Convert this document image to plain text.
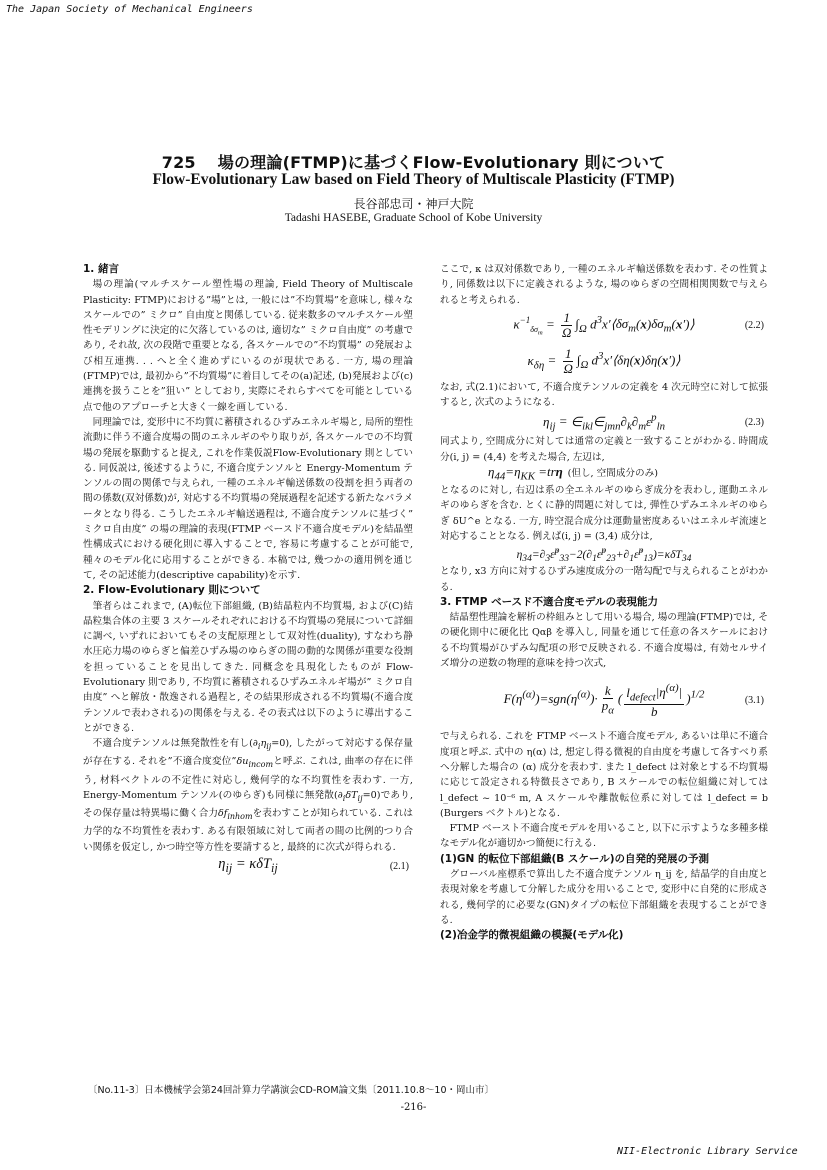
The Japan Society of Mechanical Engineers
725 場の理論(FTMP)に基づくFlow-Evolutionary 則について
Flow-Evolutionary Law based on Field Theory of Multiscale Plasticity (FTMP)
長谷部忠司・神戸大院
Tadashi HASEBE, Graduate School of Kobe University
1. 緒言

場の理論(マルチスケール塑性場の理論, Field Theory of Multiscale Plasticity: FTMP)における”場”とは, 一般には”不均質場”を意味し, 様々なスケールでの” ミクロ” 自由度と関係している. 従来数多のマルチスケール塑性モデリングに決定的に欠落しているのは, 適切な” ミクロ自由度” の考慮であり, それ故, 次の段階で重要となる, 各スケールでの”不均質場” の発展および相互連携. . . へと全く進めずにいるのが現状である. 一方, 場の理論(FTMP)では, 最初から”不均質場”に着目してその(a)記述, (b)発展および(c)連携を扱うことを”狙い” としており, 実際にそれらすべてを可能としている点で他のアプローチと大きく一線を画している.

同理論では, 変形中に不均質に蓄積されるひずみエネルギ場と, 局所的塑性流動に伴う不適合度場の間のエネルギのやり取りが, 各スケールでの不均質場の発展を駆動すると捉え, これを作業仮説Flow-Evolutionary 則としている. 同仮説は, 後述するように, 不適合度テンソルと Energy-Momentum テンソルの間の関係で与えられ, 一種のエネルギ輸送係数の役割を担う両者の間の係数(双対係数)が, 対応する不均質場の発展過程を記述する新たなパラメータとなり得る. こうしたエネルギ輸送過程は, 不適合度テンソルに基づく” ミクロ自由度” の場の理論的表現(FTMP ベースド不適合度モデル)を結晶塑性構成式における硬化則に導入することで, 容易に考慮することが可能で, 種々のモデル化に応用することができる. 本稿では, 幾つかの適用例を通じて, その記述能力(descriptive capability)を示す.

2. Flow-Evolutionary 則について

筆者らはこれまで, (A)転位下部組織, (B)結晶粒内不均質場, および(C)結晶粒集合体の主要 3 スケールそれぞれにおける不均質場の発展について詳細に調べ, いずれにおいてもその支配原理として双対性(duality), すなわち静水圧応力場のゆらぎと偏差ひずみ場のゆらぎの間の動的な関係が重要な役割を担っていることを見出してきた. 同概念を具現化したものが Flow-Evolutionary 則であり, 不均質に蓄積されるひずみエネルギ場が” ミクロ自由度” へと解放・散逸される過程と, その結果形成される不均質場(不適合度テンソルで表わされる)の関係を与える. その表式は以下のように導出することができる.

不適合度テンソルは無発散性を有し$(\partial_i\eta_{ij}=0)$, したがって対応する保存量が存在する. それを”不適合度変位$”\delta u_{incom}$と呼ぶ. これは, 曲率の存在に伴う, 材料ベクトルの不定性に対応し, 幾何学的な不均質性を表わす. 一方, Energy-Momentum テンソル(のゆらぎ)も同様に無発散$(\partial_i\delta T_{ij}=0)$であり, その保存量は特異場に働く合力$\delta f_{inhom}$を表わすことが知られている. これは力学的な不均質性を表わす. ある有限領域に対して両者の間の比例的つり合い関係を仮定し, かつ時空等方性を要請すると, 最終的に次式が得られる.

$\eta_{ij} = \kappa\delta T_{ij}$	(2.1)

ここで, κ は双対係数であり, 一種のエネルギ輸送係数を表わす. その性質より, 同係数は以下に定義されるような, 場のゆらぎの空間相関関数で与えられると考えられる.

$\kappa^{-1}_{\delta\sigma_m} = \frac{1}{\Omega} \int_\Omega$ $d^3x'⟨\delta\sigma_m(x)\delta\sigma_m(x')⟩$	(2.2)
$\kappa_{\delta\eta} = \frac{1}{\Omega} \int_\Omega$ $d^3x'⟨\delta\eta(x)\delta\eta(x')⟩$

なお, 式(2.1)において, 不適合度テンソルの定義を 4 次元時空に対して拡張すると, 次式のようになる.

$\eta_{ij}$ = $\in_{ikl}\in_{jmn}\partial_k\partial_m\varepsilon^p_{ln}$	(2.3)

同式より, 空間成分に対しては通常の定義と一致することがわかる. 時間成分(i, j) = (4,4) を考えた場合, 左辺は,

$\eta_{44}=\eta_{KK} =tr\eta$
(但し, 空間成分のみ)

となるのに対し, 右辺は系の全エネルギのゆらぎ成分を表わし, 運動エネルギのゆらぎを含む. とくに静的問題に対しては, 弾性ひずみエネルギのゆらぎ δU^e となる. 一方, 時空混合成分は運動量密度あるいはエネルギ流速と対応することとなる. 例えば(i, j) = (3,4) 成分は,

$\eta_{34}=\partial_3\varepsiloṅ^p_{33}-2(\partial_1\varepsiloṅ^p_{23}+\partial_1\varepsiloṅ^p_{13})=\kappa\delta T_{34}$

となり, x3 方向に対するひずみ速度成分の一階勾配で与えられることがわかる.

3. FTMP ベースド不適合度モデルの表現能力

結晶塑性理論を解析の枠組みとして用いる場合, 場の理論(FTMP)では, その硬化則中に硬化比 Qαβ を導入し, 同量を通じて任意の各スケールにおける不均質場がひずみ勾配項の形で反映される. 不適合度場は, 有効セルサイズ増分の逆数の物理的意味を持つ次式,

$F(\eta^{(\alpha)})=sgn(\eta^{(\alpha)})\cdot \frac{k}{p_\alpha}$ ( $\frac{l_{defect}|\eta^{(\alpha)}|}{b} )^{1/2}$	(3.1)

で与えられる. これを FTMP ベースト不適合度モデル, あるいは単に不適合度項と呼ぶ. 式中の η(α) は, 想定し得る微視的自由度を考慮して各すべり系へ分解した場合の (α) 成分を表わす. また l_defect は対象とする不均質場に応じて設定される特徴長さであり, B スケールでの転位組織に対しては l_defect ~ 10⁻⁶ m, A スケールや離散転位系に対しては l_defect = b (Burgers ベクトル)となる.

FTMP ベースト不適合度モデルを用いること, 以下に示すような多種多様なモデル化が適切かつ簡便に行える.

(1)GN 的転位下部組織(B スケール)の自発的発展の予測

グローバル座標系で算出した不適合度テンソル η_ij を, 結晶学的自由度と表現対象を考慮して分解した成分を用いることで, 変形中に自発的に形成される, 幾何学的に必要な(GN)タイプの転位下部組織を表現することができる.

(2)冶金学的微視組織の模擬(モデル化)
〔No.11-3〕日本機械学会第24回計算力学講演会CD-ROM論文集〔2011.10.8～10・岡山市〕
-216-
NII-Electronic Library Service
